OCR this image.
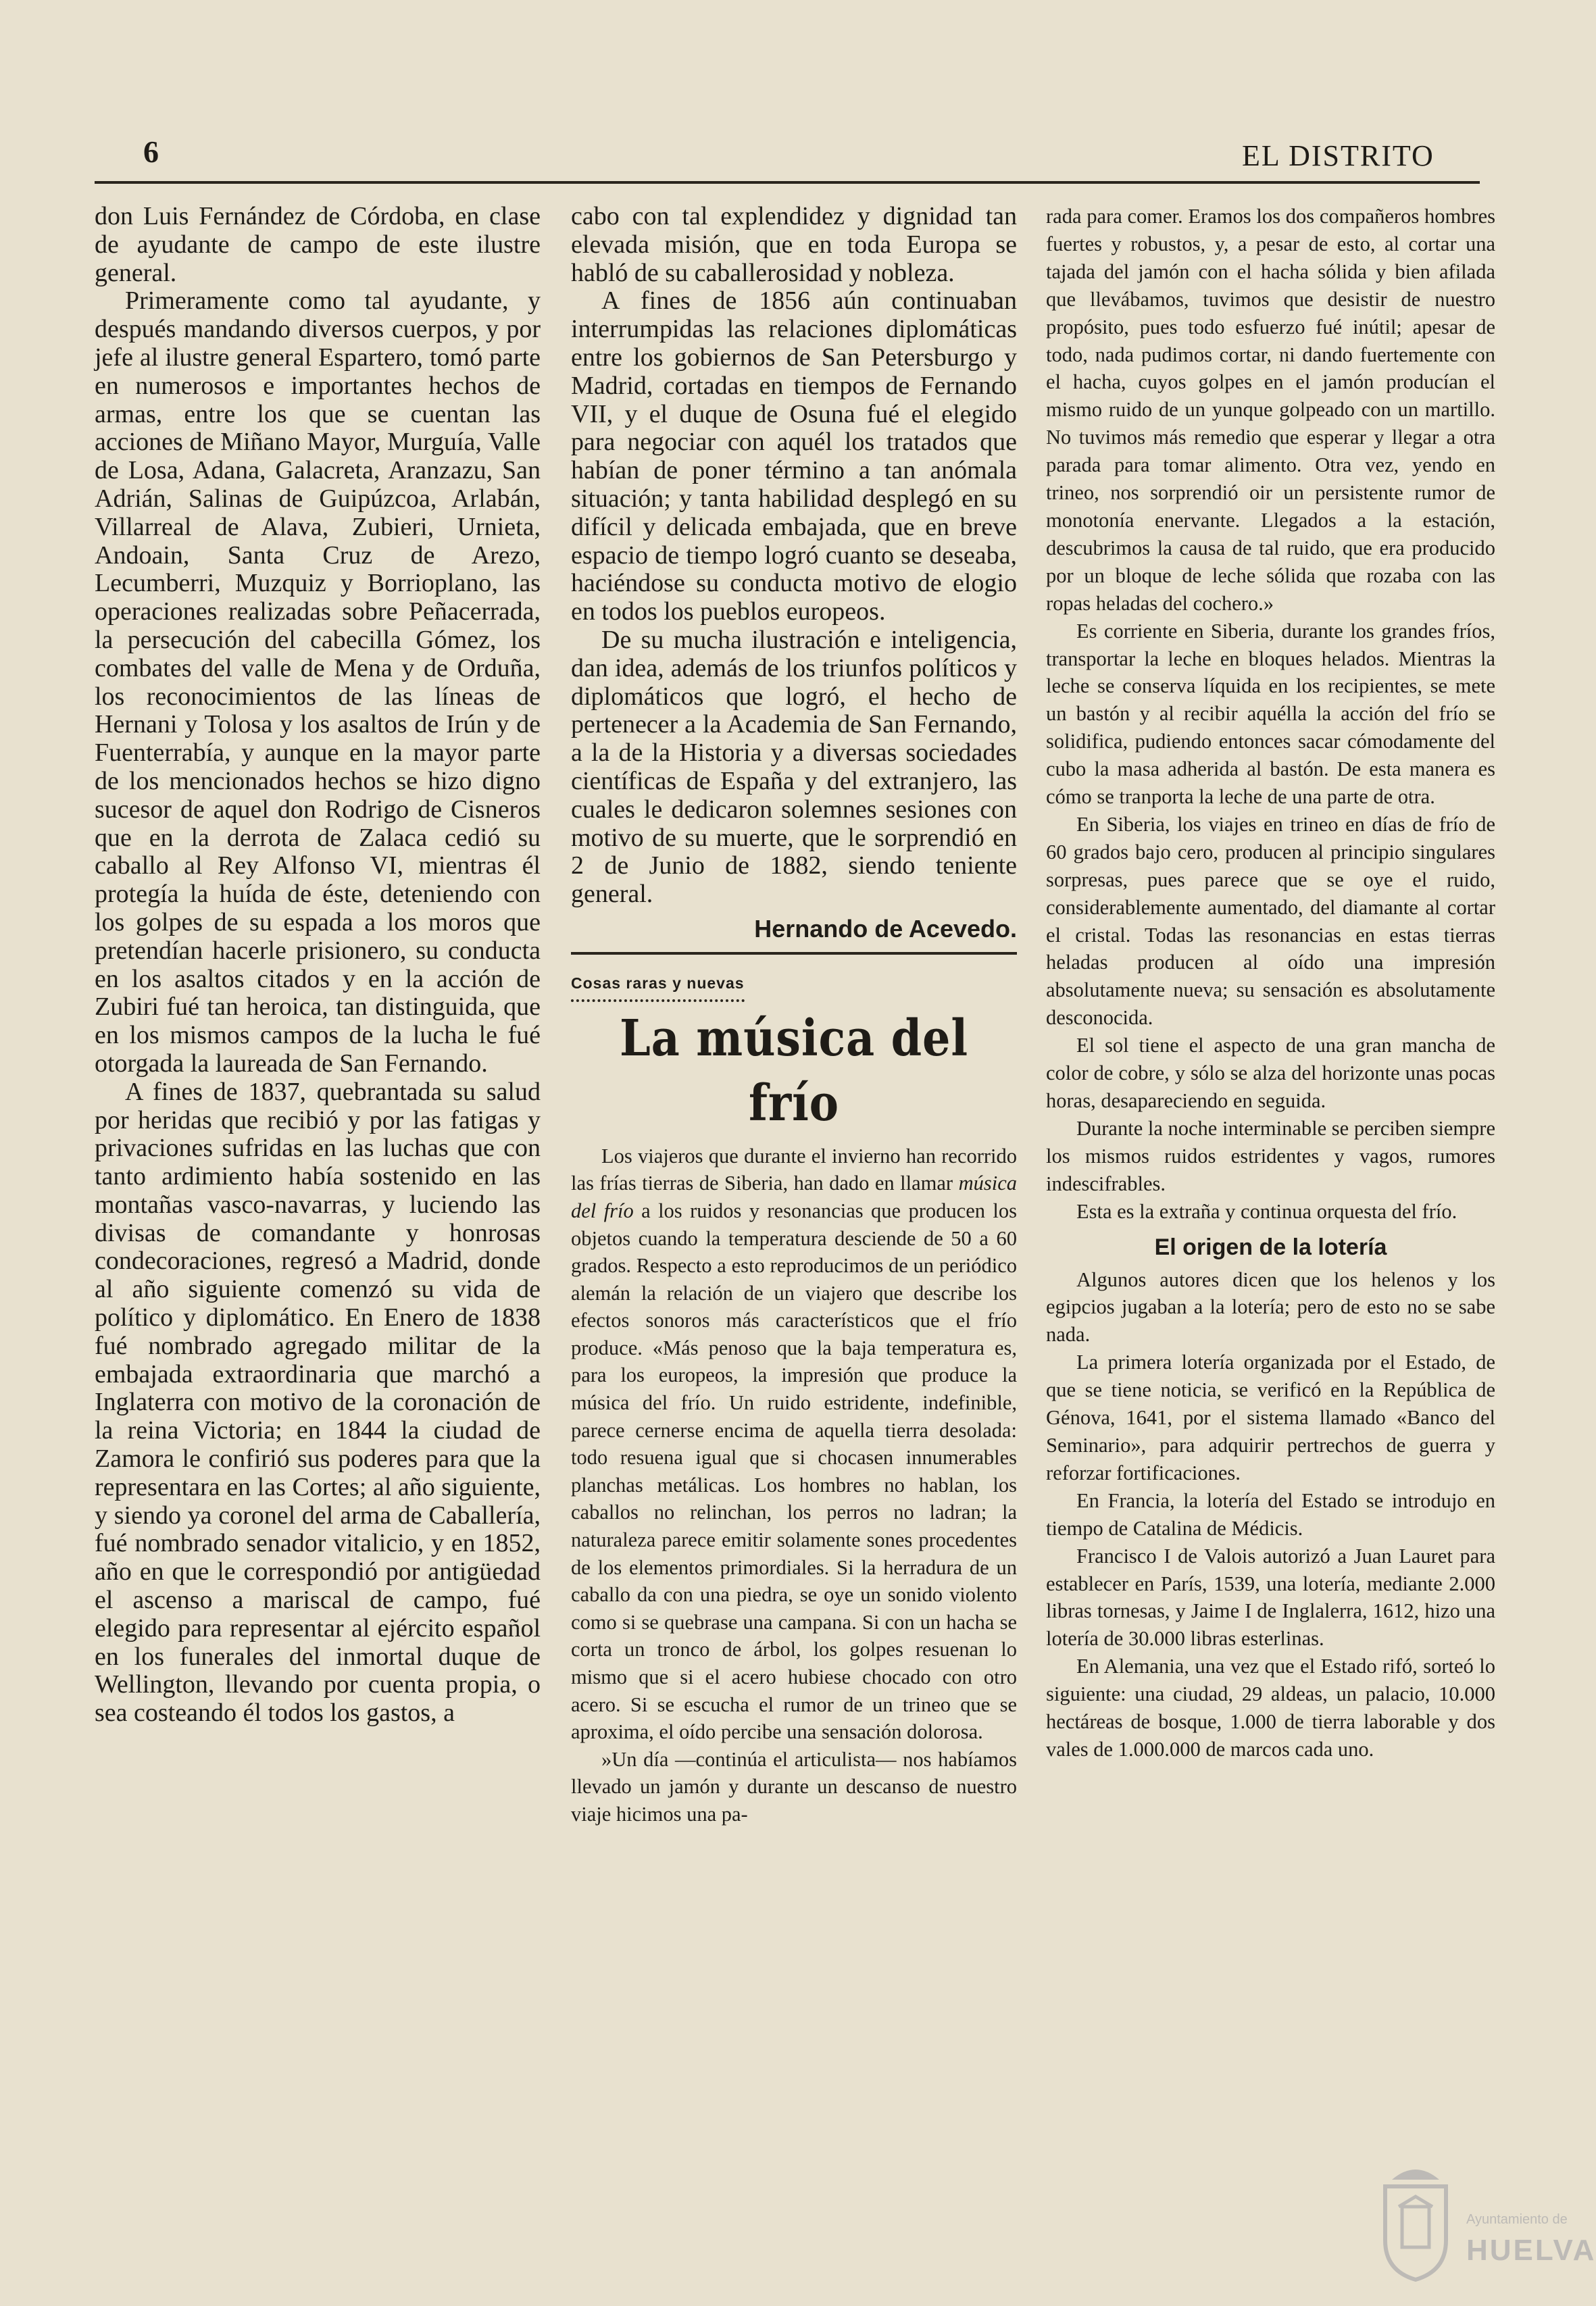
6	EL DISTRITO

don Luis Fernández de Córdoba, en clase de ayudante de campo de este ilustre general.

Primeramente como tal ayudante, y después mandando diversos cuerpos, y por jefe al ilustre general Espartero, tomó parte en numerosos e importantes hechos de armas, entre los que se cuentan las acciones de Miñano Mayor, Murguía, Valle de Losa, Adana, Galacreta, Aranzazu, San Adrián, Salinas de Guipúzcoa, Arlabán, Villarreal de Alava, Zubieri, Urnieta, Andoain, Santa Cruz de Arezo, Lecumberri, Muzquiz y Borrioplano, las operaciones realizadas sobre Peñacerrada, la persecución del cabecilla Gómez, los combates del valle de Mena y de Orduña, los reconocimientos de las líneas de Hernani y Tolosa y los asaltos de Irún y de Fuenterrabía, y aunque en la mayor parte de los mencionados hechos se hizo digno sucesor de aquel don Rodrigo de Cisneros que en la derrota de Zalaca cedió su caballo al Rey Alfonso VI, mientras él protegía la huída de éste, deteniendo con los golpes de su espada a los moros que pretendían hacerle prisionero, su conducta en los asaltos citados y en la acción de Zubiri fué tan heroica, tan distinguida, que en los mismos campos de la lucha le fué otorgada la laureada de San Fernando.

A fines de 1837, quebrantada su salud por heridas que recibió y por las fatigas y privaciones sufridas en las luchas que con tanto ardimiento había sostenido en las montañas vasco-navarras, y luciendo las divisas de comandante y honrosas condecoraciones, regresó a Madrid, donde al año siguiente comenzó su vida de político y diplomático. En Enero de 1838 fué nombrado agregado militar de la embajada extraordinaria que marchó a Inglaterra con motivo de la coronación de la reina Victoria; en 1844 la ciudad de Zamora le confirió sus poderes para que la representara en las Cortes; al año siguiente, y siendo ya coronel del arma de Caballería, fué nombrado senador vitalicio, y en 1852, año en que le correspondió por antigüedad el ascenso a mariscal de campo, fué elegido para representar al ejército español en los funerales del inmortal duque de Wellington, llevando por cuenta propia, o sea costeando él todos los gastos, a

cabo con tal explendidez y dignidad tan elevada misión, que en toda Europa se habló de su caballerosidad y nobleza.

A fines de 1856 aún continuaban interrumpidas las relaciones diplomáticas entre los gobiernos de San Petersburgo y Madrid, cortadas en tiempos de Fernando VII, y el duque de Osuna fué el elegido para negociar con aquél los tratados que habían de poner término a tan anómala situación; y tanta habilidad desplegó en su difícil y delicada embajada, que en breve espacio de tiempo logró cuanto se deseaba, haciéndose su conducta motivo de elogio en todos los pueblos europeos.

De su mucha ilustración e inteligencia, dan idea, además de los triunfos políticos y diplomáticos que logró, el hecho de pertenecer a la Academia de San Fernando, a la de la Historia y a diversas sociedades científicas de España y del extranjero, las cuales le dedicaron solemnes sesiones con motivo de su muerte, que le sorprendió en 2 de Junio de 1882, siendo teniente general.

Hernando de Acevedo.
Cosas raras y nuevas
La música del frío

Los viajeros que durante el invierno han recorrido las frías tierras de Siberia, han dado en llamar música del frío a los ruidos y resonancias que producen los objetos cuando la temperatura desciende de 50 a 60 grados. Respecto a esto reproducimos de un periódico alemán la relación de un viajero que describe los efectos sonoros más característicos que el frío produce. «Más penoso que la baja temperatura es, para los europeos, la impresión que produce la música del frío. Un ruido estridente, indefinible, parece cernerse encima de aquella tierra desolada: todo resuena igual que si chocasen innumerables planchas metálicas. Los hombres no hablan, los caballos no relinchan, los perros no ladran; la naturaleza parece emitir solamente sones procedentes de los elementos primordiales. Si la herradura de un caballo da con una piedra, se oye un sonido violento como si se quebrase una campana. Si con un hacha se corta un tronco de árbol, los golpes resuenan lo mismo que si el acero hubiese chocado con otro acero. Si se escucha el rumor de un trineo que se aproxima, el oído percibe una sensación dolorosa.

»Un día —continúa el articulista— nos habíamos llevado un jamón y durante un descanso de nuestro viaje hicimos una pa-

rada para comer. Eramos los dos compañeros hombres fuertes y robustos, y, a pesar de esto, al cortar una tajada del jamón con el hacha sólida y bien afilada que llevábamos, tuvimos que desistir de nuestro propósito, pues todo esfuerzo fué inútil; apesar de todo, nada pudimos cortar, ni dando fuertemente con el hacha, cuyos golpes en el jamón producían el mismo ruido de un yunque golpeado con un martillo. No tuvimos más remedio que esperar y llegar a otra parada para tomar alimento. Otra vez, yendo en trineo, nos sorprendió oir un persistente rumor de monotonía enervante. Llegados a la estación, descubrimos la causa de tal ruido, que era producido por un bloque de leche sólida que rozaba con las ropas heladas del cochero.»

Es corriente en Siberia, durante los grandes fríos, transportar la leche en bloques helados. Mientras la leche se conserva líquida en los recipientes, se mete un bastón y al recibir aquélla la acción del frío se solidifica, pudiendo entonces sacar cómodamente del cubo la masa adherida al bastón. De esta manera es cómo se tranporta la leche de una parte de otra.

En Siberia, los viajes en trineo en días de frío de 60 grados bajo cero, producen al principio singulares sorpresas, pues parece que se oye el ruido, considerablemente aumentado, del diamante al cortar el cristal. Todas las resonancias en estas tierras heladas producen al oído una impresión absolutamente nueva; su sensación es absolutamente desconocida.

El sol tiene el aspecto de una gran mancha de color de cobre, y sólo se alza del horizonte unas pocas horas, desapareciendo en seguida.

Durante la noche interminable se perciben siempre los mismos ruidos estridentes y vagos, rumores indescifrables.

Esta es la extraña y continua orquesta del frío.

El origen de la lotería

Algunos autores dicen que los helenos y los egipcios jugaban a la lotería; pero de esto no se sabe nada.

La primera lotería organizada por el Estado, de que se tiene noticia, se verificó en la República de Génova, 1641, por el sistema llamado «Banco del Seminario», para adquirir pertrechos de guerra y reforzar fortificaciones.

En Francia, la lotería del Estado se introdujo en tiempo de Catalina de Médicis.

Francisco I de Valois autorizó a Juan Lauret para establecer en París, 1539, una lotería, mediante 2.000 libras tornesas, y Jaime I de Inglalerra, 1612, hizo una lotería de 30.000 libras esterlinas.

En Alemania, una vez que el Estado rifó, sorteó lo siguiente: una ciudad, 29 aldeas, un palacio, 10.000 hectáreas de bosque, 1.000 de tierra laborable y dos vales de 1.000.000 de marcos cada uno.

Ayuntamiento de
HUELVA
